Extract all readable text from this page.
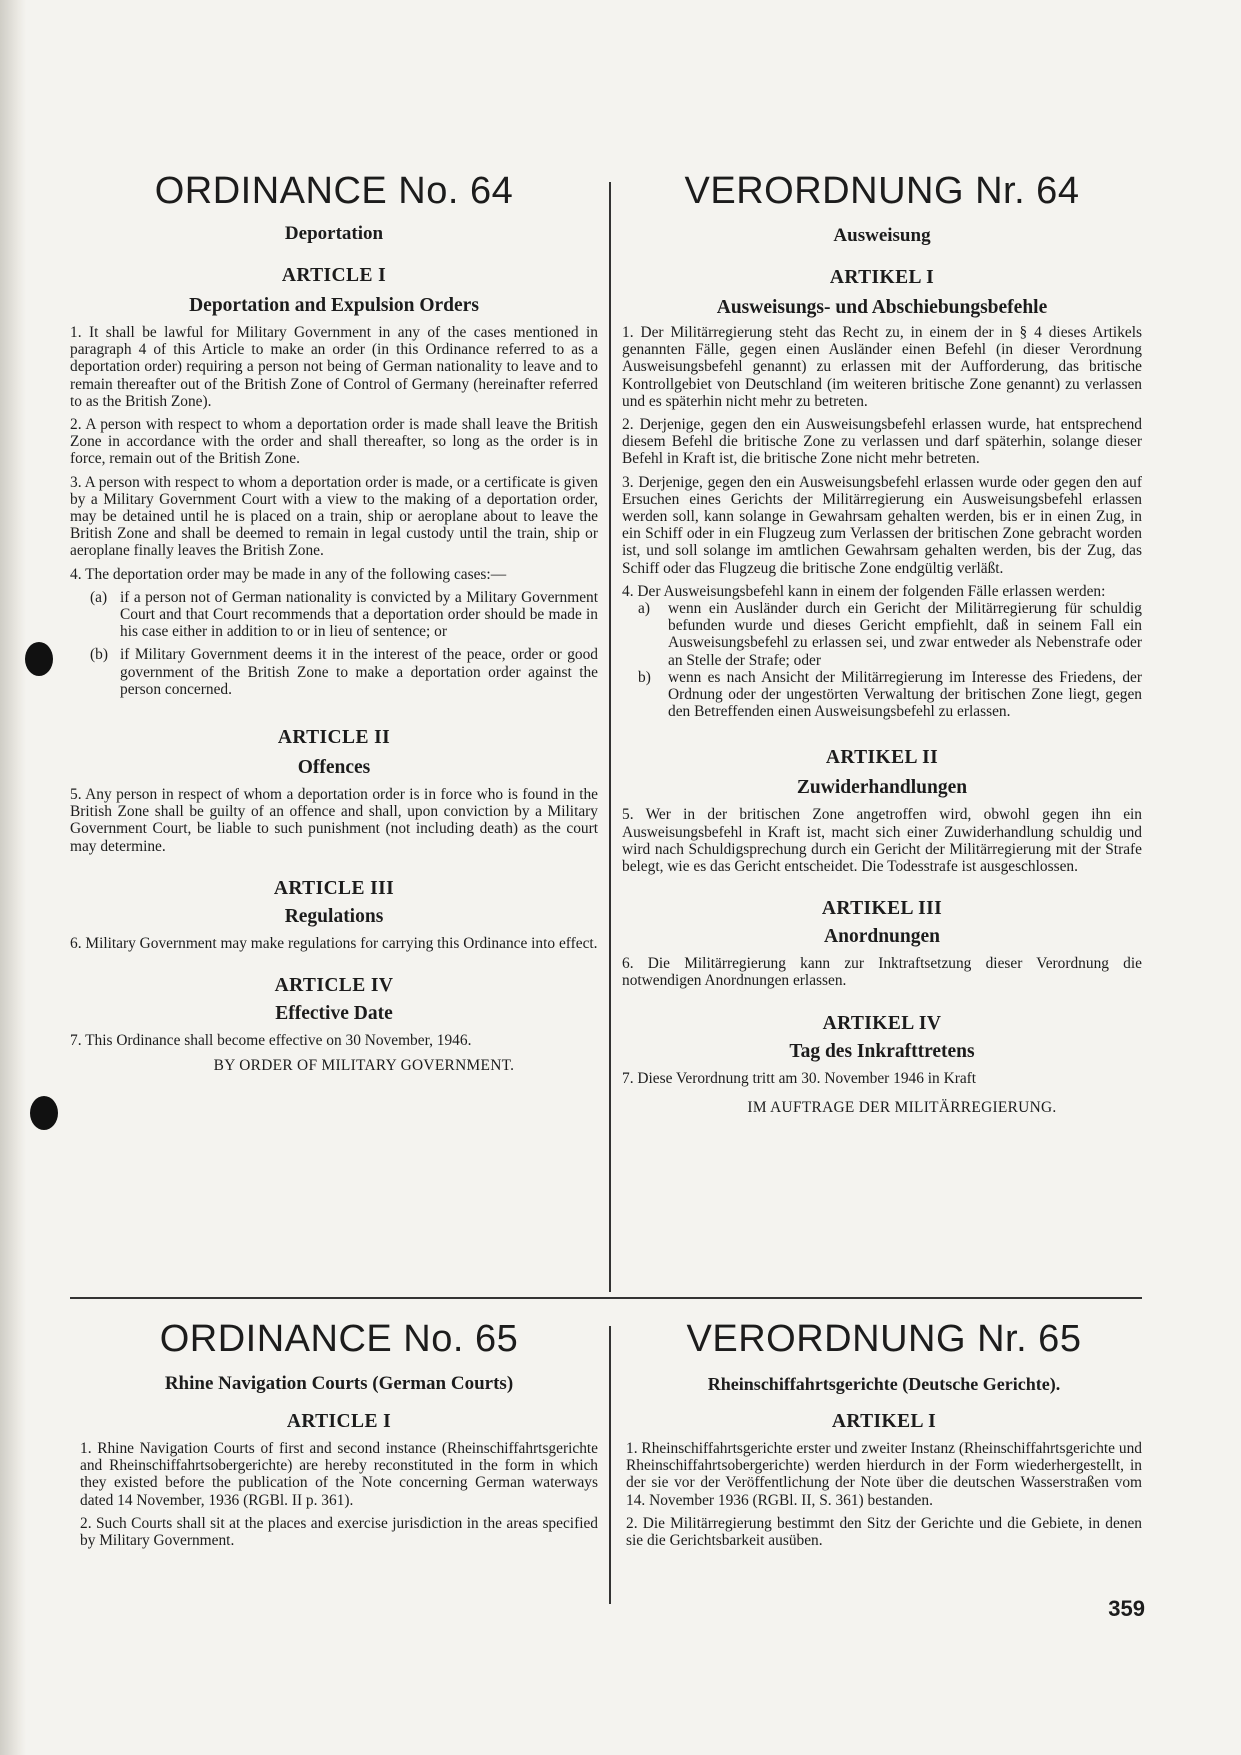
ORDINANCE No. 64
Deportation
ARTICLE I
Deportation and Expulsion Orders

1. It shall be lawful for Military Government in any of the cases mentioned in paragraph 4 of this Article to make an order (in this Ordinance referred to as a deportation order) requiring a person not being of German nationality to leave and to remain thereafter out of the British Zone of Control of Germany (hereinafter referred to as the British Zone).

2. A person with respect to whom a deportation order is made shall leave the British Zone in accordance with the order and shall thereafter, so long as the order is in force, remain out of the British Zone.

3. A person with respect to whom a deportation order is made, or a certificate is given by a Military Government Court with a view to the making of a deportation order, may be detained until he is placed on a train, ship or aeroplane about to leave the British Zone and shall be deemed to remain in legal custody until the train, ship or aeroplane finally leaves the British Zone.

4. The deportation order may be made in any of the following cases:—

(a) if a person not of German nationality is convicted by a Military Government Court and that Court recommends that a deportation order should be made in his case either in addition to or in lieu of sentence; or
(b) if Military Government deems it in the interest of the peace, order or good government of the British Zone to make a deportation order against the person concerned.
ARTICLE II
Offences

5. Any person in respect of whom a deportation order is in force who is found in the British Zone shall be guilty of an offence and shall, upon conviction by a Military Government Court, be liable to such punishment (not including death) as the court may determine.

ARTICLE III
Regulations

6. Military Government may make regulations for carrying this Ordinance into effect.

ARTICLE IV
Effective Date

7. This Ordinance shall become effective on 30 November, 1946.

BY ORDER OF MILITARY GOVERNMENT.

VERORDNUNG Nr. 64
Ausweisung
ARTIKEL I
Ausweisungs- und Abschiebungsbefehle

1. Der Militärregierung steht das Recht zu, in einem der in § 4 dieses Artikels genannten Fälle, gegen einen Ausländer einen Befehl (in dieser Verordnung Ausweisungsbefehl genannt) zu erlassen mit der Aufforderung, das britische Kontrollgebiet von Deutschland (im weiteren britische Zone genannt) zu verlassen und es späterhin nicht mehr zu betreten.

2. Derjenige, gegen den ein Ausweisungsbefehl erlassen wurde, hat entsprechend diesem Befehl die britische Zone zu verlassen und darf späterhin, solange dieser Befehl in Kraft ist, die britische Zone nicht mehr betreten.

3. Derjenige, gegen den ein Ausweisungsbefehl erlassen wurde oder gegen den auf Ersuchen eines Gerichts der Militärregierung ein Ausweisungsbefehl erlassen werden soll, kann solange in Gewahrsam gehalten werden, bis er in einen Zug, in ein Schiff oder in ein Flugzeug zum Verlassen der britischen Zone gebracht worden ist, und soll solange im amtlichen Gewahrsam gehalten werden, bis der Zug, das Schiff oder das Flugzeug die britische Zone endgültig verläßt.

4. Der Ausweisungsbefehl kann in einem der folgenden Fälle erlassen werden:

a)	wenn ein Ausländer durch ein Gericht der Militärregierung für schuldig befunden wurde und dieses Gericht empfiehlt, daß in seinem Fall ein Ausweisungsbefehl zu erlassen sei, und zwar entweder als Nebenstrafe oder an Stelle der Strafe; oder
b)	wenn es nach Ansicht der Militärregierung im Interesse des Friedens, der Ordnung oder der ungestörten Verwaltung der britischen Zone liegt, gegen den Betreffenden einen Ausweisungsbefehl zu erlassen.
ARTIKEL II
Zuwiderhandlungen

5. Wer in der britischen Zone angetroffen wird, obwohl gegen ihn ein Ausweisungsbefehl in Kraft ist, macht sich einer Zuwiderhandlung schuldig und wird nach Schuldigsprechung durch ein Gericht der Militärregierung mit der Strafe belegt, wie es das Gericht entscheidet. Die Todesstrafe ist ausgeschlossen.

ARTIKEL III
Anordnungen

6. Die Militärregierung kann zur Inktraftsetzung dieser Verordnung die notwendigen Anordnungen erlassen.

ARTIKEL IV
Tag des Inkrafttretens

7. Diese Verordnung tritt am 30. November 1946 in Kraft

IM AUFTRAGE DER MILITÄRREGIERUNG.

ORDINANCE No. 65
Rhine Navigation Courts (German Courts)
ARTICLE I

1. Rhine Navigation Courts of first and second instance (Rheinschiffahrtsgerichte and Rheinschiffahrtsobergerichte) are hereby reconstituted in the form in which they existed before the publication of the Note concerning German waterways dated 14 November, 1936 (RGBl. II p. 361).

2. Such Courts shall sit at the places and exercise jurisdiction in the areas specified by Military Government.

VERORDNUNG Nr. 65
Rheinschiffahrtsgerichte (Deutsche Gerichte).
ARTIKEL I

1. Rheinschiffahrtsgerichte erster und zweiter Instanz (Rheinschiffahrtsgerichte und Rheinschiffahrtsobergerichte) werden hierdurch in der Form wiederhergestellt, in der sie vor der Veröffentlichung der Note über die deutschen Wasserstraßen vom 14. November 1936 (RGBl. II, S. 361) bestanden.

2. Die Militärregierung bestimmt den Sitz der Gerichte und die Gebiete, in denen sie die Gerichtsbarkeit ausüben.

359
